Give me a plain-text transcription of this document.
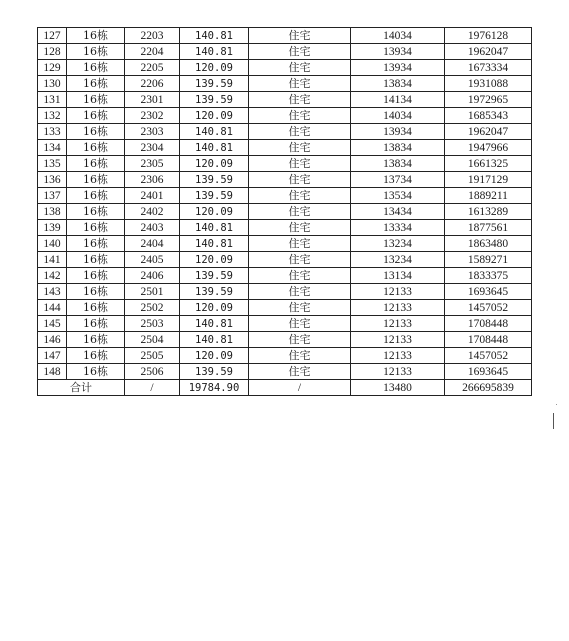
127	16栋	2203	140.81	住宅	14034	1976128
128	16栋	2204	140.81	住宅	13934	1962047
129	16栋	2205	120.09	住宅	13934	1673334
130	16栋	2206	139.59	住宅	13834	1931088
131	16栋	2301	139.59	住宅	14134	1972965
132	16栋	2302	120.09	住宅	14034	1685343
133	16栋	2303	140.81	住宅	13934	1962047
134	16栋	2304	140.81	住宅	13834	1947966
135	16栋	2305	120.09	住宅	13834	1661325
136	16栋	2306	139.59	住宅	13734	1917129
137	16栋	2401	139.59	住宅	13534	1889211
138	16栋	2402	120.09	住宅	13434	1613289
139	16栋	2403	140.81	住宅	13334	1877561
140	16栋	2404	140.81	住宅	13234	1863480
141	16栋	2405	120.09	住宅	13234	1589271
142	16栋	2406	139.59	住宅	13134	1833375
143	16栋	2501	139.59	住宅	12133	1693645
144	16栋	2502	120.09	住宅	12133	1457052
145	16栋	2503	140.81	住宅	12133	1708448
146	16栋	2504	140.81	住宅	12133	1708448
147	16栋	2505	120.09	住宅	12133	1457052
148	16栋	2506	139.59	住宅	12133	1693645
合计		/	19784.90	/	13480	266695839
